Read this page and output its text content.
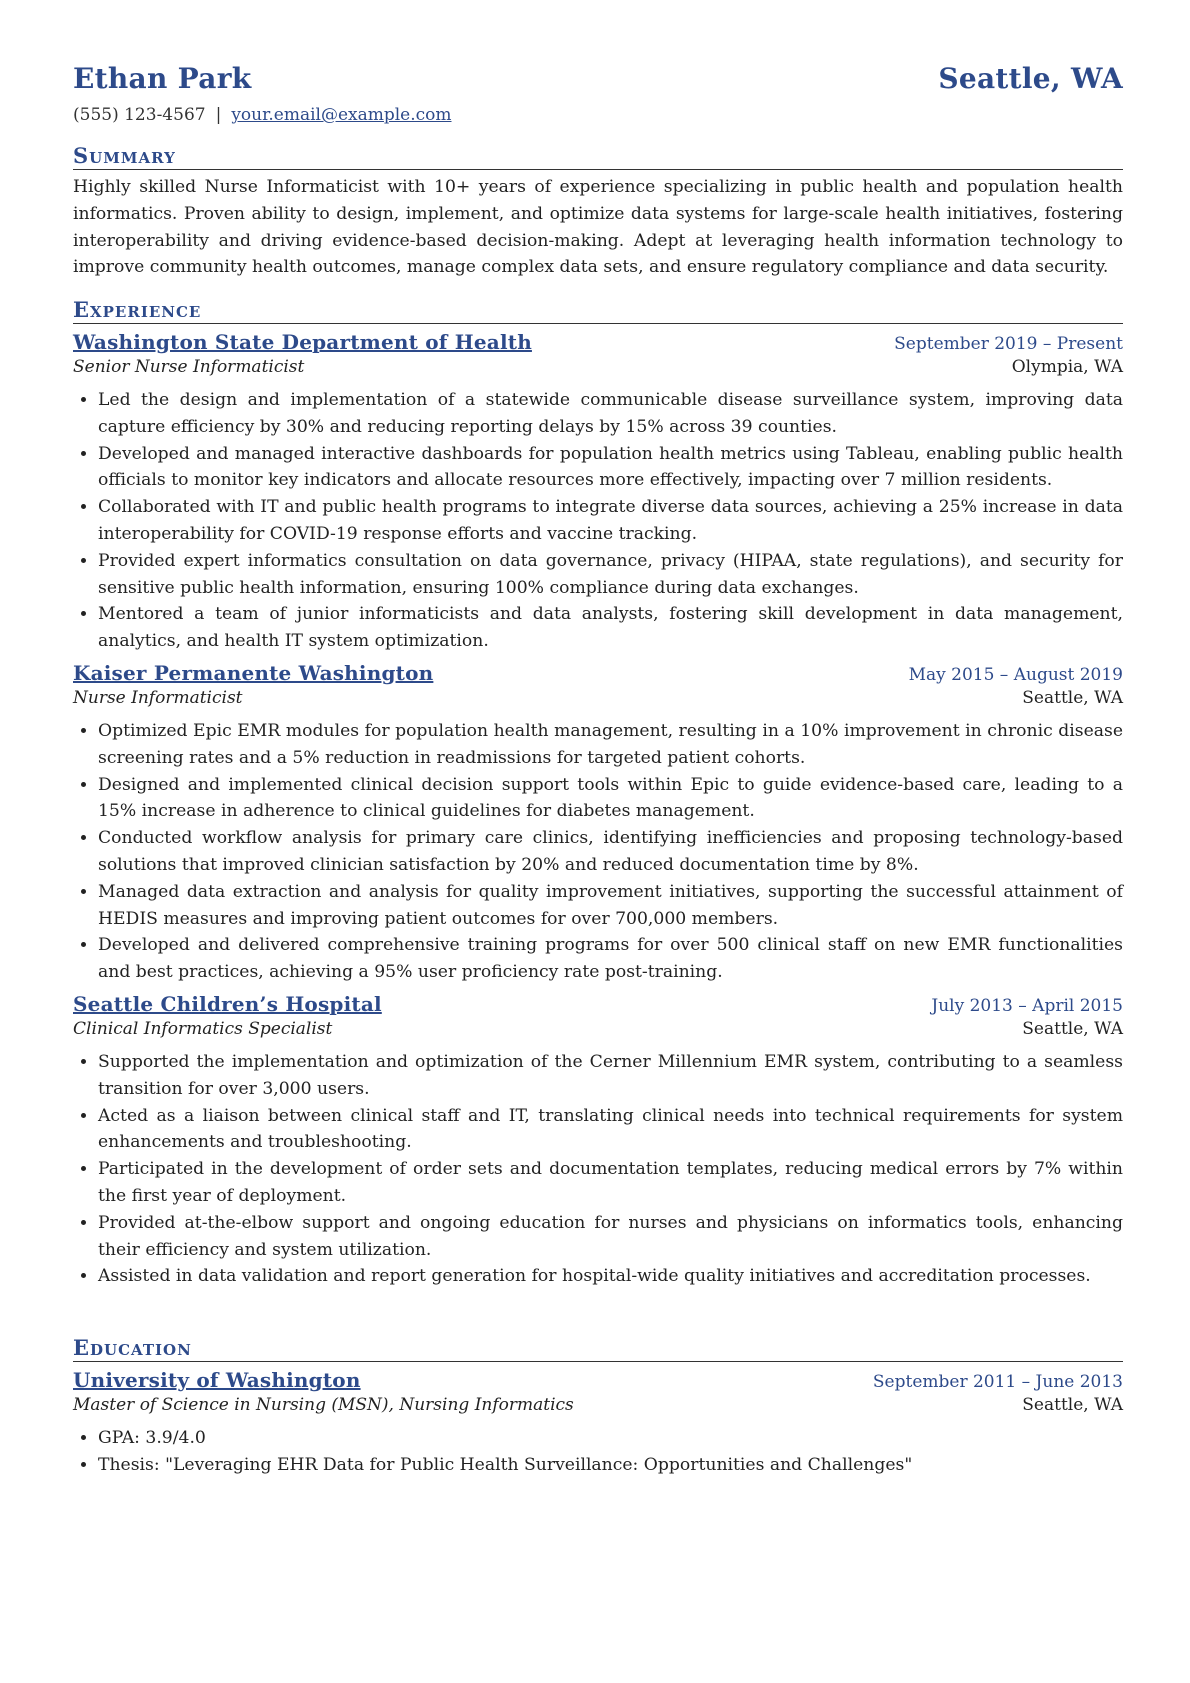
Ethan Park	Seattle, WA
(555) 123-4567 | your.email@example.com
Summary
Highly skilled Nurse Informaticist with 10+ years of experience specializing in public health and population health informatics. Proven ability to design, implement, and optimize data systems for large-scale health initiatives, fostering interoperability and driving evidence-based decision-making. Adept at leveraging health information technology to improve community health outcomes, manage complex data sets, and ensure regulatory compliance and data security.
Experience
Washington State Department of Health	September 2019 – Present
Senior Nurse Informaticist	Olympia, WA
• Led the design and implementation of a statewide communicable disease surveillance system, improving data capture efficiency by 30% and reducing reporting delays by 15% across 39 counties.
• Developed and managed interactive dashboards for population health metrics using Tableau, enabling public health officials to monitor key indicators and allocate resources more effectively, impacting over 7 million residents.
• Collaborated with IT and public health programs to integrate diverse data sources, achieving a 25% increase in data interoperability for COVID-19 response efforts and vaccine tracking.
• Provided expert informatics consultation on data governance, privacy (HIPAA, state regulations), and security for sensitive public health information, ensuring 100% compliance during data exchanges.
• Mentored a team of junior informaticists and data analysts, fostering skill development in data management, analytics, and health IT system optimization.
Kaiser Permanente Washington	May 2015 – August 2019
Nurse Informaticist	Seattle, WA
• Optimized Epic EMR modules for population health management, resulting in a 10% improvement in chronic disease screening rates and a 5% reduction in readmissions for targeted patient cohorts.
• Designed and implemented clinical decision support tools within Epic to guide evidence-based care, leading to a 15% increase in adherence to clinical guidelines for diabetes management.
• Conducted workflow analysis for primary care clinics, identifying inefficiencies and proposing technology-based solutions that improved clinician satisfaction by 20% and reduced documentation time by 8%.
• Managed data extraction and analysis for quality improvement initiatives, supporting the successful attainment of HEDIS measures and improving patient outcomes for over 700,000 members.
• Developed and delivered comprehensive training programs for over 500 clinical staff on new EMR functionalities and best practices, achieving a 95% user proficiency rate post-training.
Seattle Children’s Hospital	July 2013 – April 2015
Clinical Informatics Specialist	Seattle, WA
• Supported the implementation and optimization of the Cerner Millennium EMR system, contributing to a seamless transition for over 3,000 users.
• Acted as a liaison between clinical staff and IT, translating clinical needs into technical requirements for system enhancements and troubleshooting.
• Participated in the development of order sets and documentation templates, reducing medical errors by 7% within the first year of deployment.
• Provided at-the-elbow support and ongoing education for nurses and physicians on informatics tools, enhancing their efficiency and system utilization.
• Assisted in data validation and report generation for hospital-wide quality initiatives and accreditation processes.
Education
University of Washington	September 2011 – June 2013
Master of Science in Nursing (MSN), Nursing Informatics	Seattle, WA
• GPA: 3.9/4.0
• Thesis: "Leveraging EHR Data for Public Health Surveillance: Opportunities and Challenges"
